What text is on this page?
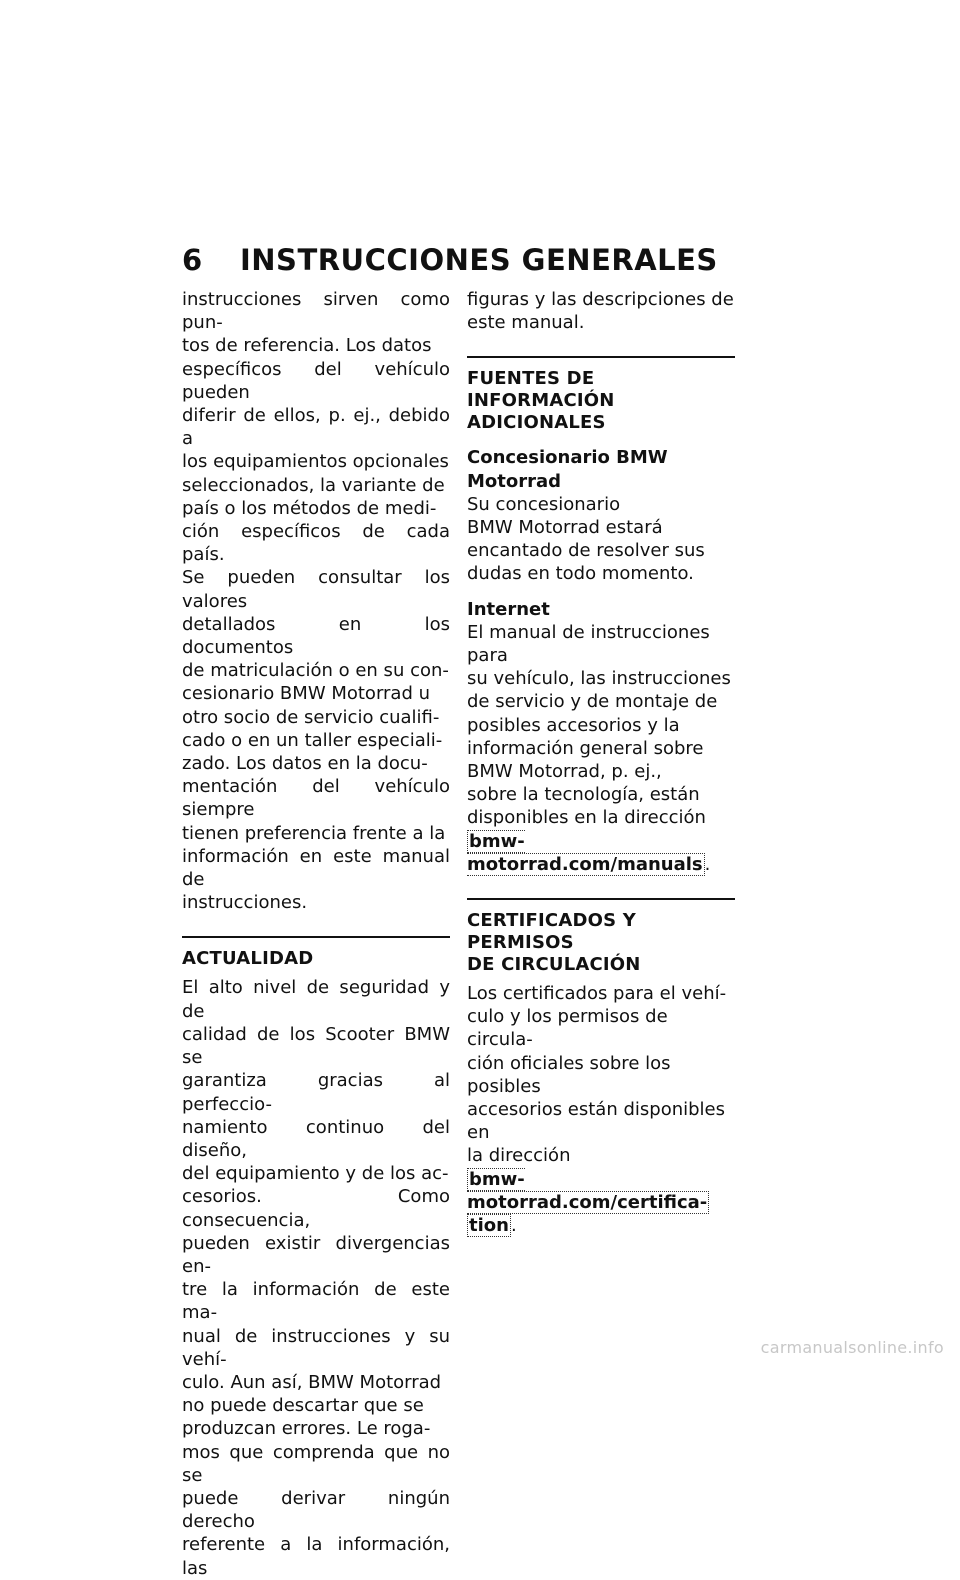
6 INSTRUCCIONES GENERALES

instrucciones sirven como pun-
tos de referencia. Los datos
específicos del vehículo pueden
diferir de ellos, p. ej., debido a
los equipamientos opcionales
seleccionados, la variante de
país o los métodos de medi-
ción específicos de cada país.
Se pueden consultar los valores
detallados en los documentos
de matriculación o en su con-
cesionario BMW Motorrad u
otro socio de servicio cualifi-
cado o en un taller especiali-
zado. Los datos en la docu-
mentación del vehículo siempre
tienen preferencia frente a la
información en este manual de
instrucciones.

ACTUALIDAD

El alto nivel de seguridad y de
calidad de los Scooter BMW se
garantiza gracias al perfeccio-
namiento continuo del diseño,
del equipamiento y de los ac-
cesorios. Como consecuencia,
pueden existir divergencias en-
tre la información de este ma-
nual de instrucciones y su vehí-
culo. Aun así, BMW Motorrad
no puede descartar que se
produzcan errores. Le roga-
mos que comprenda que no se
puede derivar ningún derecho
referente a la información, las

figuras y las descripciones de
este manual.

FUENTES DE INFORMACIÓN
ADICIONALES
Concesionario BMW Motorrad

Su concesionario
BMW Motorrad estará
encantado de resolver sus
dudas en todo momento.

Internet

El manual de instrucciones para
su vehículo, las instrucciones
de servicio y de montaje de
posibles accesorios y la
información general sobre
BMW Motorrad, p. ej.,
sobre la tecnología, están
disponibles en la dirección
bmw-motorrad.com/manuals .

CERTIFICADOS Y PERMISOS
DE CIRCULACIÓN

Los certificados para el vehí-
culo y los permisos de circula-
ción oficiales sobre los posibles
accesorios están disponibles en
la dirección
bmw-motorrad.com/certifica-
tion .

carmanualsonline.info
